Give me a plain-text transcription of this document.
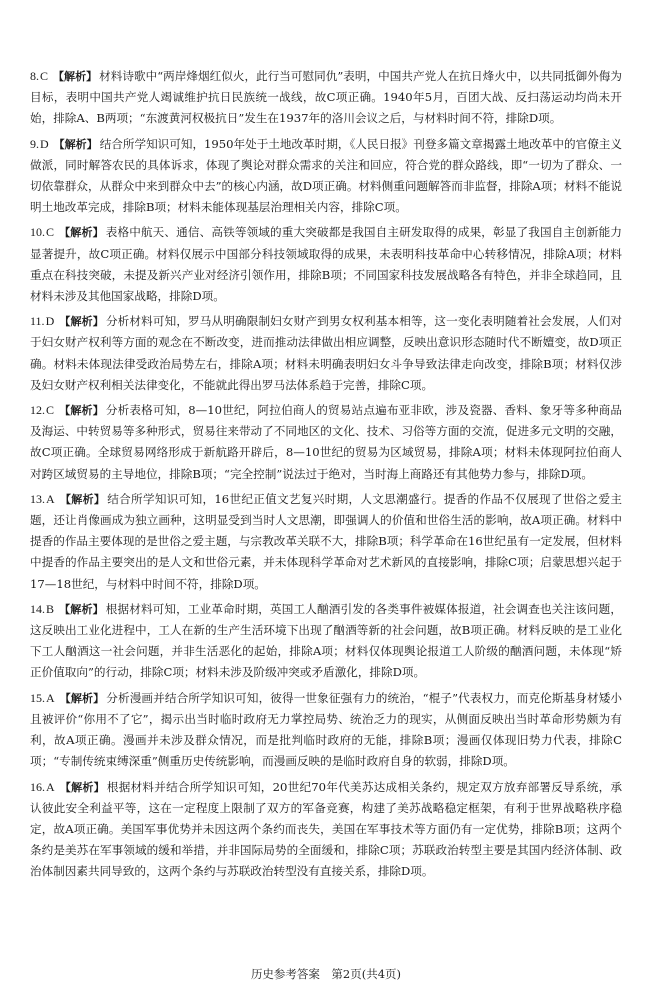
8.C 【解析】 材料诗歌中“两岸烽烟红似火，此行当可慰同仇”表明，中国共产党人在抗日烽火中，以共同抵御外侮为目标，表明中国共产党人竭诚维护抗日民族统一战线，故C项正确。1940年5月，百团大战、反扫荡运动均尚未开始，排除A、B两项；“东渡黄河权极抗日”发生在1937年的洛川会议之后，与材料时间不符，排除D项。
9.D 【解析】 结合所学知识可知，1950年处于土地改革时期，《人民日报》刊登多篇文章揭露土地改革中的官僚主义做派，同时解答农民的具体诉求，体现了舆论对群众需求的关注和回应，符合党的群众路线，即“一切为了群众、一切依靠群众，从群众中来到群众中去”的核心内涵，故D项正确。材料侧重问题解答而非监督，排除A项；材料不能说明土地改革完成，排除B项；材料未能体现基层治理相关内容，排除C项。
10.C 【解析】 表格中航天、通信、高铁等领域的重大突破都是我国自主研发取得的成果，彰显了我国自主创新能力显著提升，故C项正确。材料仅展示中国部分科技领域取得的成果，未表明科技革命中心转移情况，排除A项；材料重点在科技突破，未提及新兴产业对经济引领作用，排除B项；不同国家科技发展战略各有特色，并非全球趋同，且材料未涉及其他国家战略，排除D项。
11.D 【解析】 分析材料可知，罗马从明确限制妇女财产到男女权利基本相等，这一变化表明随着社会发展，人们对于妇女财产权利等方面的观念在不断改变，进而推动法律做出相应调整，反映出意识形态随时代不断嬗变，故D项正确。材料未体现法律受政治局势左右，排除A项；材料未明确表明妇女斗争导致法律走向改变，排除B项；材料仅涉及妇女财产权利相关法律变化，不能就此得出罗马法体系趋于完善，排除C项。
12.C 【解析】 分析表格可知，8—10世纪，阿拉伯商人的贸易站点遍布亚非欧，涉及瓷器、香料、象牙等多种商品及海运、中转贸易等多种形式，贸易往来带动了不同地区的文化、技术、习俗等方面的交流，促进多元文明的交融，故C项正确。全球贸易网络形成于新航路开辟后，8—10世纪的贸易为区域贸易，排除A项；材料未体现阿拉伯商人对跨区域贸易的主导地位，排除B项；“完全控制”说法过于绝对，当时海上商路还有其他势力参与，排除D项。
13.A 【解析】 结合所学知识可知，16世纪正值文艺复兴时期，人文思潮盛行。提香的作品不仅展现了世俗之爱主题，还让肖像画成为独立画种，这明显受到当时人文思潮，即强调人的价值和世俗生活的影响，故A项正确。材料中提香的作品主要体现的是世俗之爱主题，与宗教改革关联不大，排除B项；科学革命在16世纪虽有一定发展，但材料中提香的作品主要突出的是人文和世俗元素，并未体现科学革命对艺术新风的直接影响，排除C项；启蒙思想兴起于17—18世纪，与材料中时间不符，排除D项。
14.B 【解析】 根据材料可知，工业革命时期，英国工人酗酒引发的各类事件被媒体报道，社会调查也关注该问题，这反映出工业化进程中，工人在新的生产生活环境下出现了酗酒等新的社会问题，故B项正确。材料反映的是工业化下工人酗酒这一社会问题，并非生活恶化的起始，排除A项；材料仅体现舆论报道工人阶级的酗酒问题，未体现“矫正价值取向”的行动，排除C项；材料未涉及阶级冲突或矛盾激化，排除D项。
15.A 【解析】 分析漫画并结合所学知识可知，彼得一世象征强有力的统治，“棍子”代表权力，而克伦斯基身材矮小且被评价“你用不了它”，揭示出当时临时政府无力掌控局势、统治乏力的现实，从侧面反映出当时革命形势颇为有利，故A项正确。漫画并未涉及群众情况，而是批判临时政府的无能，排除B项；漫画仅体现旧势力代表，排除C项；“专制传统束缚深重”侧重历史传统影响，而漫画反映的是临时政府自身的软弱，排除D项。
16.A 【解析】 根据材料并结合所学知识可知，20世纪70年代美苏达成相关条约，规定双方放弃部署反导系统，承认彼此安全利益平等，这在一定程度上限制了双方的军备竞赛，构建了美苏战略稳定框架，有利于世界战略秩序稳定，故A项正确。美国军事优势并未因这两个条约而丧失，美国在军事技术等方面仍有一定优势，排除B项；这两个条约是美苏在军事领域的缓和举措，并非国际局势的全面缓和，排除C项；苏联政治转型主要是其国内经济体制、政治体制因素共同导致的，这两个条约与苏联政治转型没有直接关系，排除D项。
历史参考答案　第2页(共4页)
